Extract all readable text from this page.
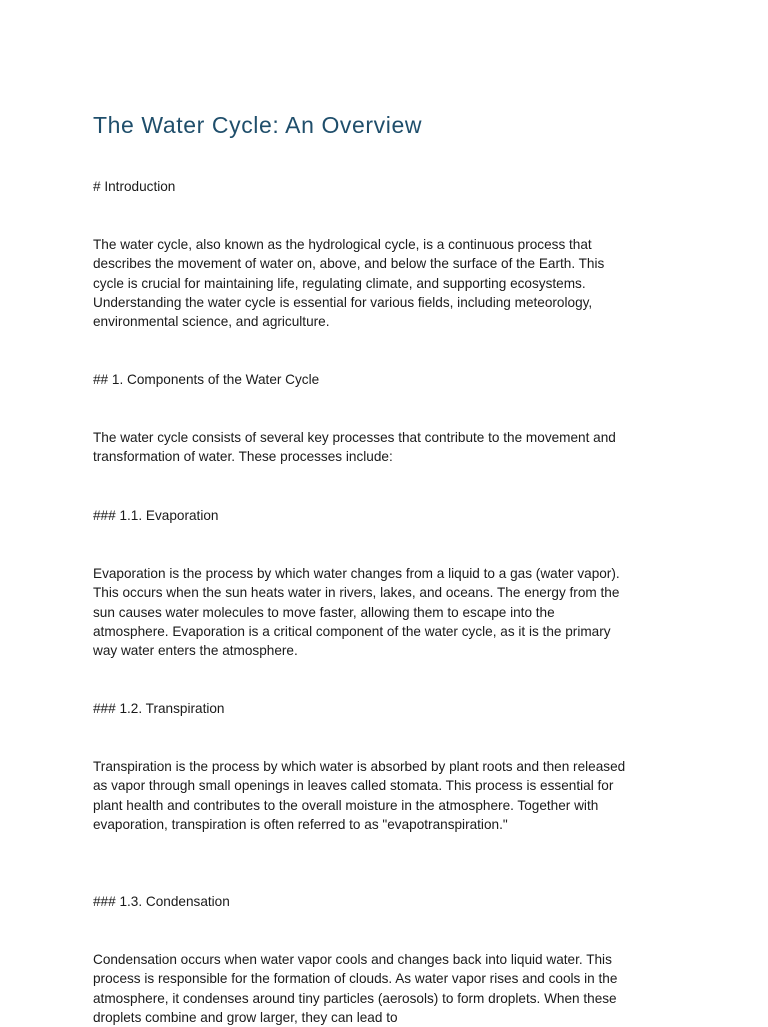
The Water Cycle: An Overview
# Introduction

The water cycle, also known as the hydrological cycle, is a continuous process that describes the movement of water on, above, and below the surface of the Earth. This cycle is crucial for maintaining life, regulating climate, and supporting ecosystems. Understanding the water cycle is essential for various fields, including meteorology, environmental science, and agriculture.

## 1. Components of the Water Cycle

The water cycle consists of several key processes that contribute to the movement and transformation of water. These processes include:

### 1.1. Evaporation

Evaporation is the process by which water changes from a liquid to a gas (water vapor). This occurs when the sun heats water in rivers, lakes, and oceans. The energy from the sun causes water molecules to move faster, allowing them to escape into the atmosphere. Evaporation is a critical component of the water cycle, as it is the primary way water enters the atmosphere.

### 1.2. Transpiration

Transpiration is the process by which water is absorbed by plant roots and then released as vapor through small openings in leaves called stomata. This process is essential for plant health and contributes to the overall moisture in the atmosphere. Together with evaporation, transpiration is often referred to as "evapotranspiration."

### 1.3. Condensation

Condensation occurs when water vapor cools and changes back into liquid water. This process is responsible for the formation of clouds. As water vapor rises and cools in the atmosphere, it condenses around tiny particles (aerosols) to form droplets. When these droplets combine and grow larger, they can lead to
